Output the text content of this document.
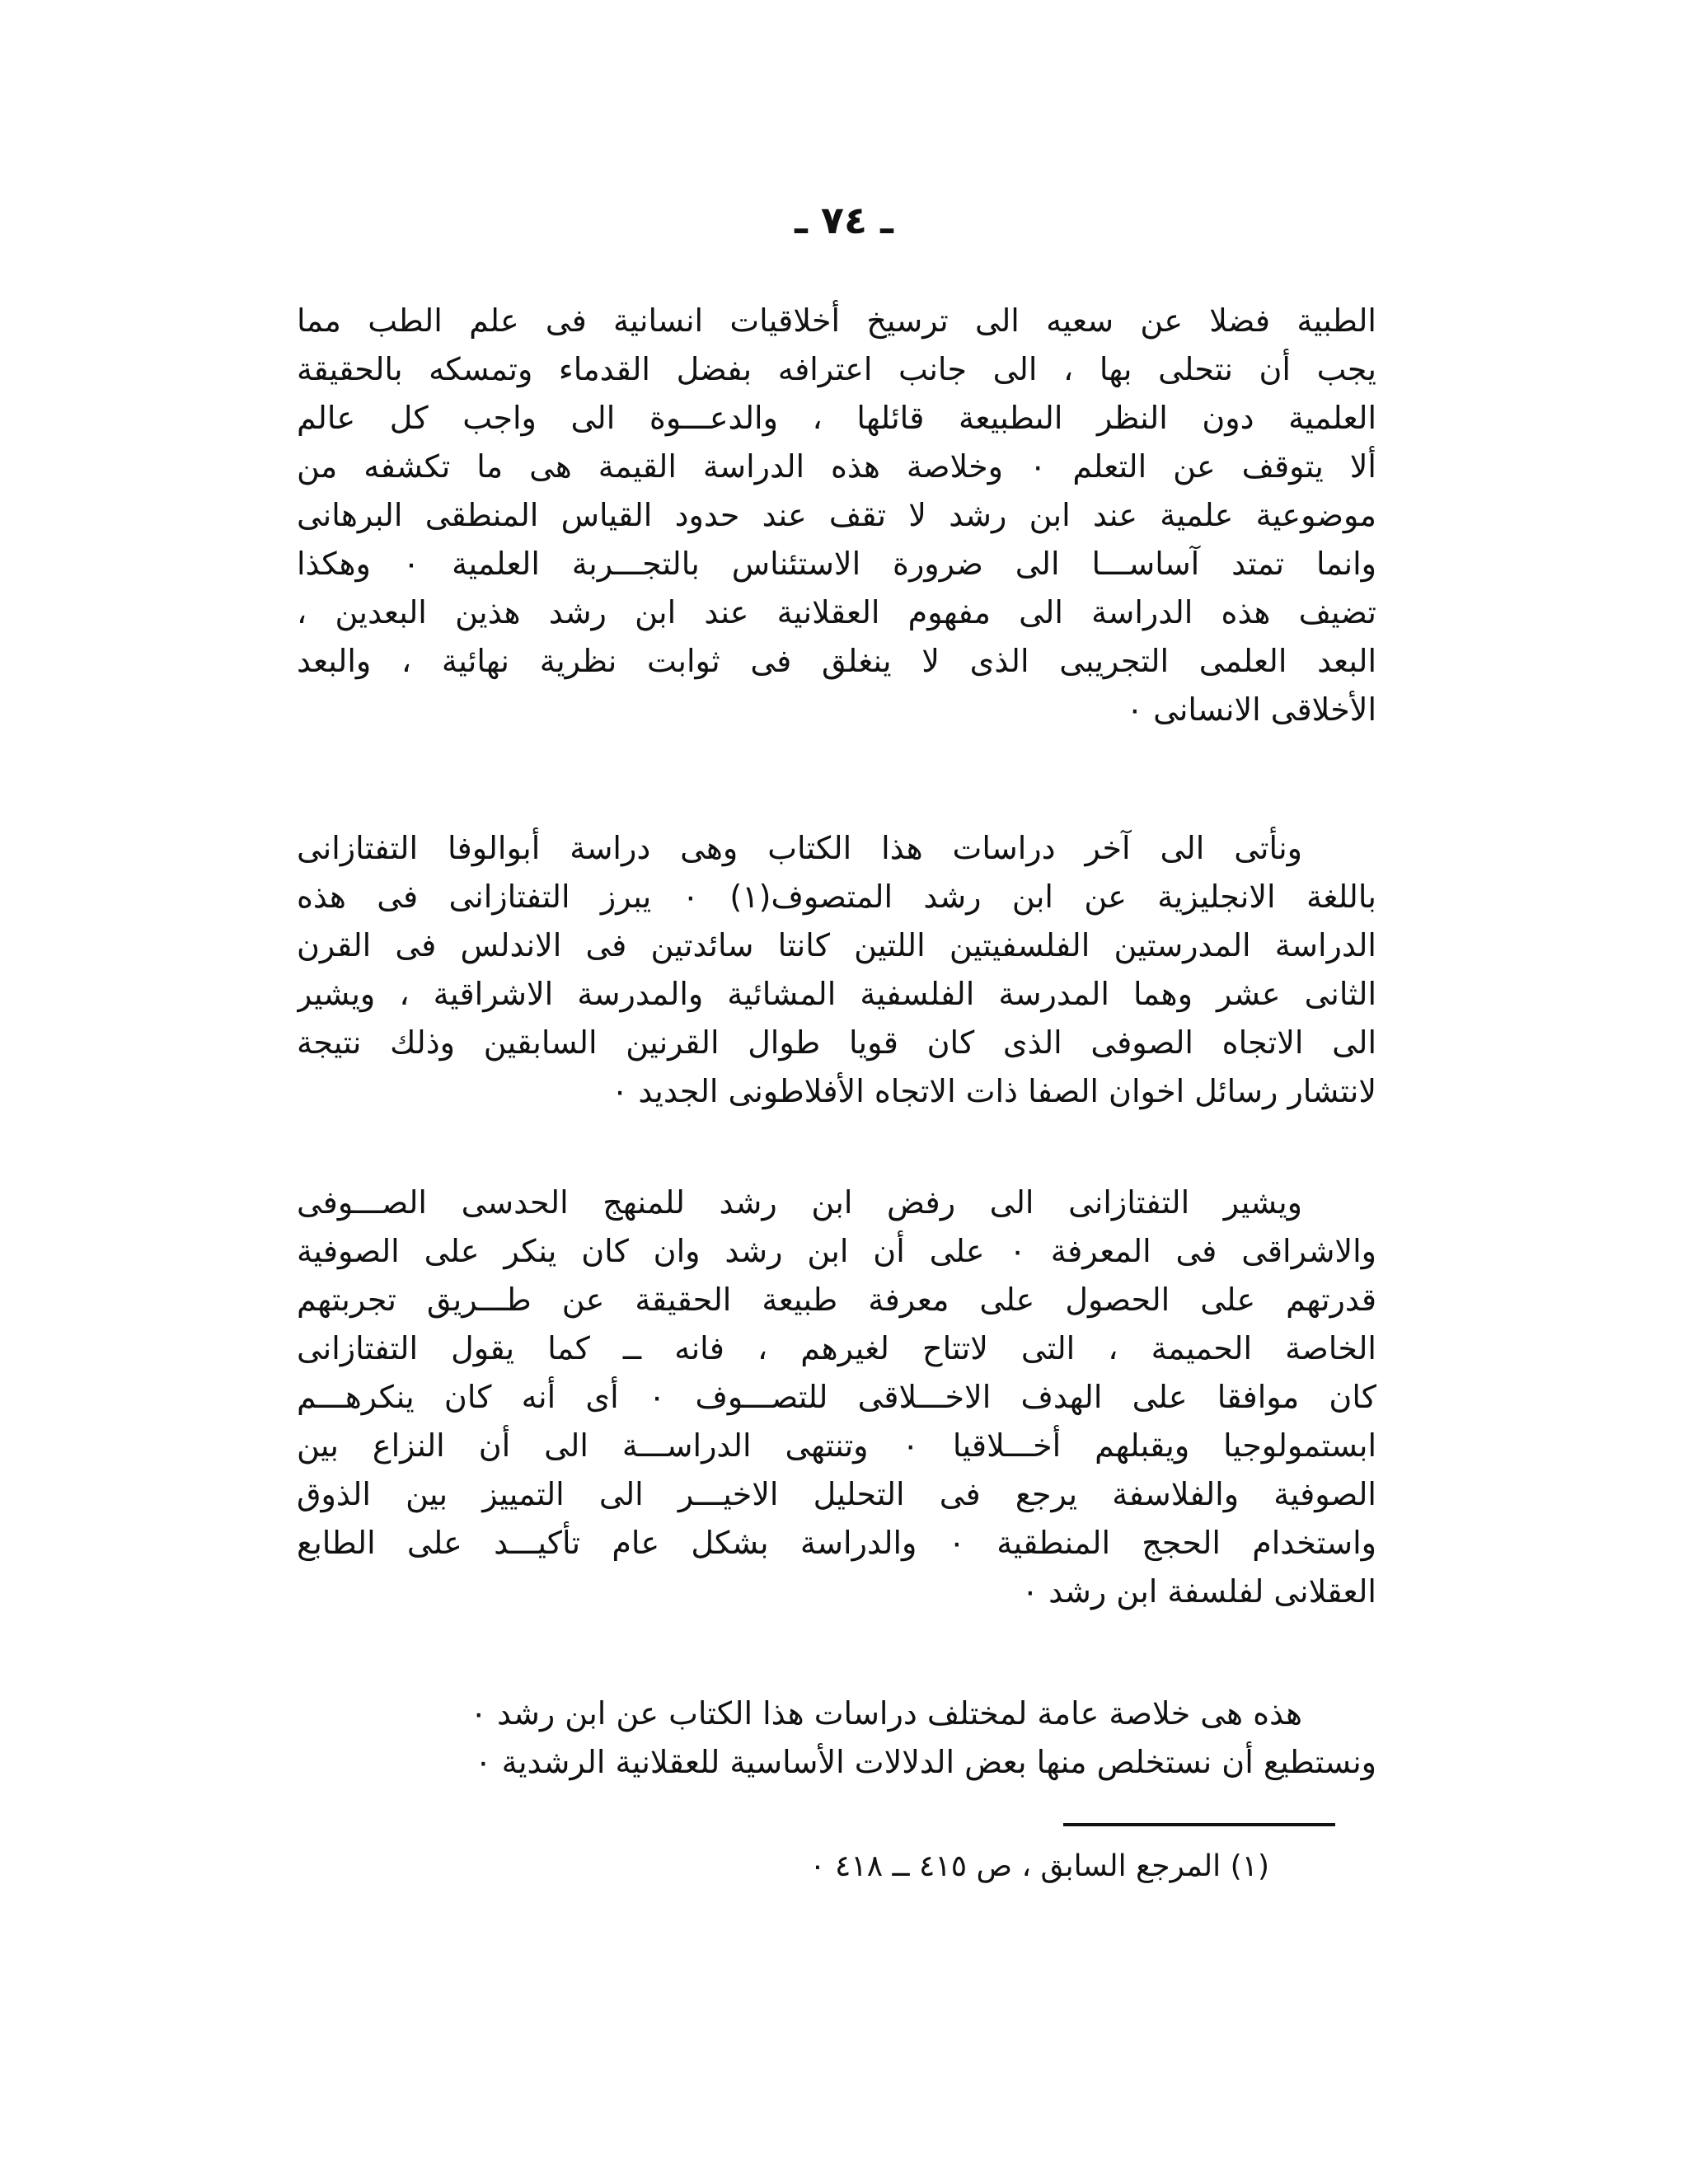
ـ ٧٤ ـ
الطبية فضلا عن سعيه الى ترسيخ أخلاقيات انسانية فى علم الطب مما
يجب أن نتحلى بها ، الى جانب اعترافه بفضل القدماء وتمسكه بالحقيقة
العلمية دون النظر الىطبيعة قائلها ، والدعـــوة الى واجب كل عالم
ألا يتوقف عن التعلم ٠ وخلاصة هذه الدراسة القيمة هى ما تكشفه من
موضوعية علمية عند ابن رشد لا تقف عند حدود القياس المنطقى البرهانى
وانما تمتد آساســـا الى ضرورة الاستئناس بالتجـــربة العلمية ٠ وهكذا
تضيف هذه الدراسة الى مفهوم العقلانية عند ابن رشد هذين البعدين ،
البعد العلمى التجريبى الذى لا ينغلق فى ثوابت نظرية نهائية ، والبعد
الأخلاقى الانسانى ٠
ونأتى الى آخر دراسات هذا الكتاب وهى دراسة أبوالوفا التفتازانى
باللغة الانجليزية عن ابن رشد المتصوف(١) ٠ يبرز التفتازانى فى هذه
الدراسة المدرستين الفلسفيتين اللتين كانتا سائدتين فى الاندلس فى القرن
الثانى عشر وهما المدرسة الفلسفية المشائية والمدرسة الاشراقية ، ويشير
الى الاتجاه الصوفى الذى كان قويا طوال القرنين السابقين وذلك نتيجة
لانتشار رسائل اخوان الصفا ذات الاتجاه الأفلاطونى الجديد ٠
ويشير التفتازانى الى رفض ابن رشد للمنهج الحدسى الصـــوفى
والاشراقى فى المعرفة ٠ على أن ابن رشد وان كان ينكر على الصوفية
قدرتهم على الحصول على معرفة طبيعة الحقيقة عن طـــريق تجربتهم
الخاصة الحميمة ، التى لاتتاح لغيرهم ، فانه ــ كما يقول التفتازانى
كان موافقا على الهدف الاخـــلاقى للتصـــوف ٠ أى أنه كان ينكرهـــم
ابستمولوجيا ويقبلهم أخـــلاقيا ٠ وتنتهى الدراســـة الى أن النزاع بين
الصوفية والفلاسفة يرجع فى التحليل الاخيـــر الى التمييز بين الذوق
واستخدام الحجج المنطقية ٠ والدراسة بشكل عام تأكيـــد على الطابع
العقلانى لفلسفة ابن رشد ٠
هذه هى خلاصة عامة لمختلف دراسات هذا الكتاب عن ابن رشد ٠
ونستطيع أن نستخلص منها بعض الدلالات الأساسية للعقلانية الرشدية ٠
(١) المرجع السابق ، ص ٤١٥ ــ ٤١٨ ٠
